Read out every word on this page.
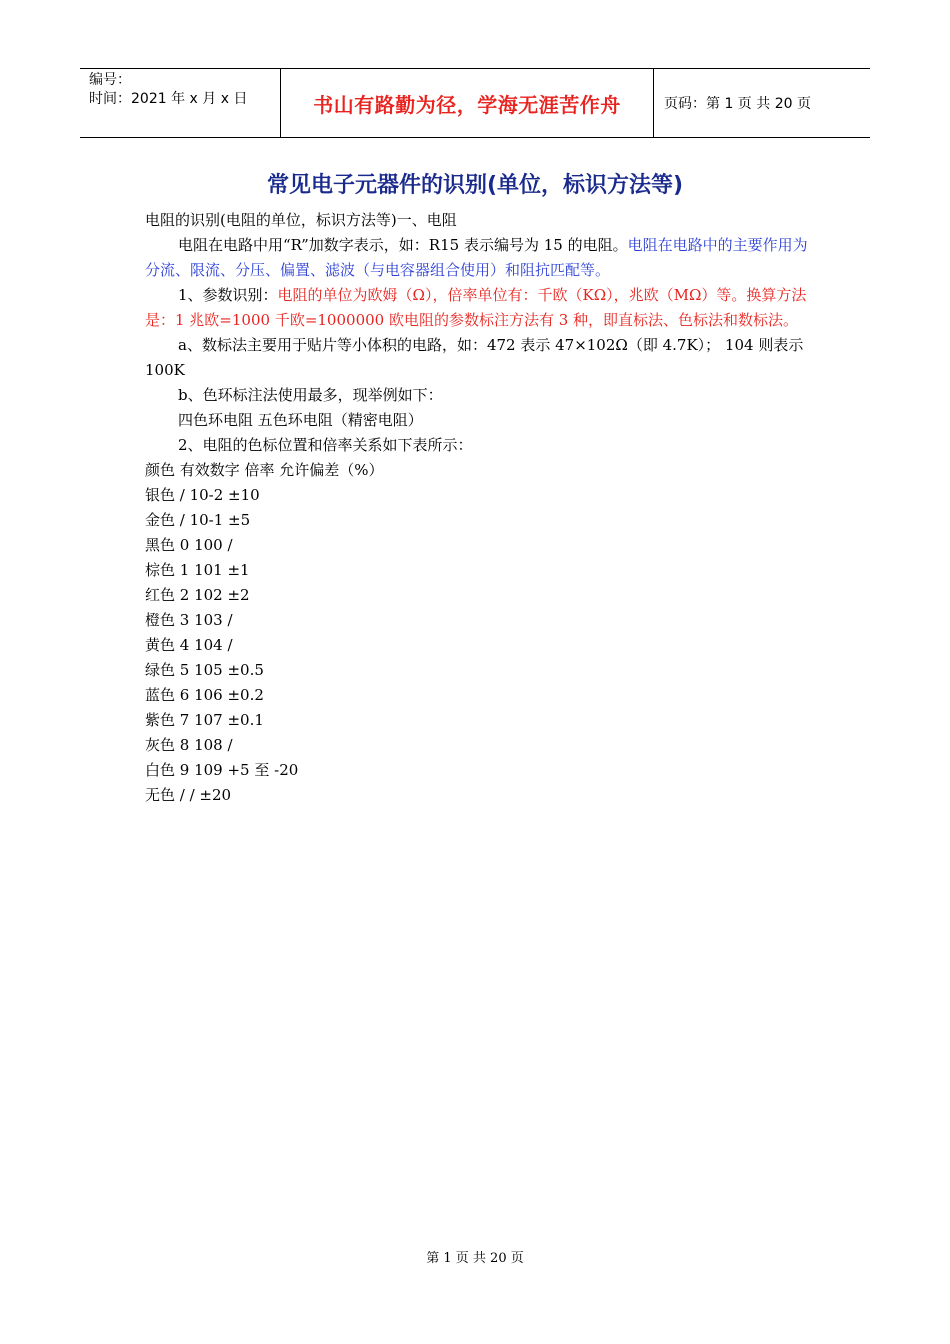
编号：
时间：2021 年 x 月 x 日	书山有路勤为径，学海无涯苦作舟	页码：第 1 页 共 20 页
常见电子元器件的识别(单位，标识方法等)

电阻的识别(电阻的单位，标识方法等)一、电阻

电阻在电路中用“R”加数字表示，如：R15 表示编号为 15 的电阻。电阻在电路中的主要作用为分流、限流、分压、偏置、滤波（与电容器组合使用）和阻抗匹配等。

1、参数识别：电阻的单位为欧姆（Ω），倍率单位有：千欧（KΩ），兆欧（MΩ）等。换算方法是：1 兆欧=1000 千欧=1000000 欧电阻的参数标注方法有 3 种，即直标法、色标法和数标法。

a、数标法主要用于贴片等小体积的电路，如：472 表示 47×102Ω（即 4.7K）； 104 则表示 100K

b、色环标注法使用最多，现举例如下：

四色环电阻 五色环电阻（精密电阻）

2、电阻的色标位置和倍率关系如下表所示：

颜色 有效数字 倍率 允许偏差（%）

银色 / 10-2 ±10

金色 / 10-1 ±5

黑色 0 100 /

棕色 1 101 ±1

红色 2 102 ±2

橙色 3 103 /

黄色 4 104 /

绿色 5 105 ±0.5

蓝色 6 106 ±0.2

紫色 7 107 ±0.1

灰色 8 108 /

白色 9 109 +5 至 -20

无色 / / ±20

第 1 页 共 20 页
